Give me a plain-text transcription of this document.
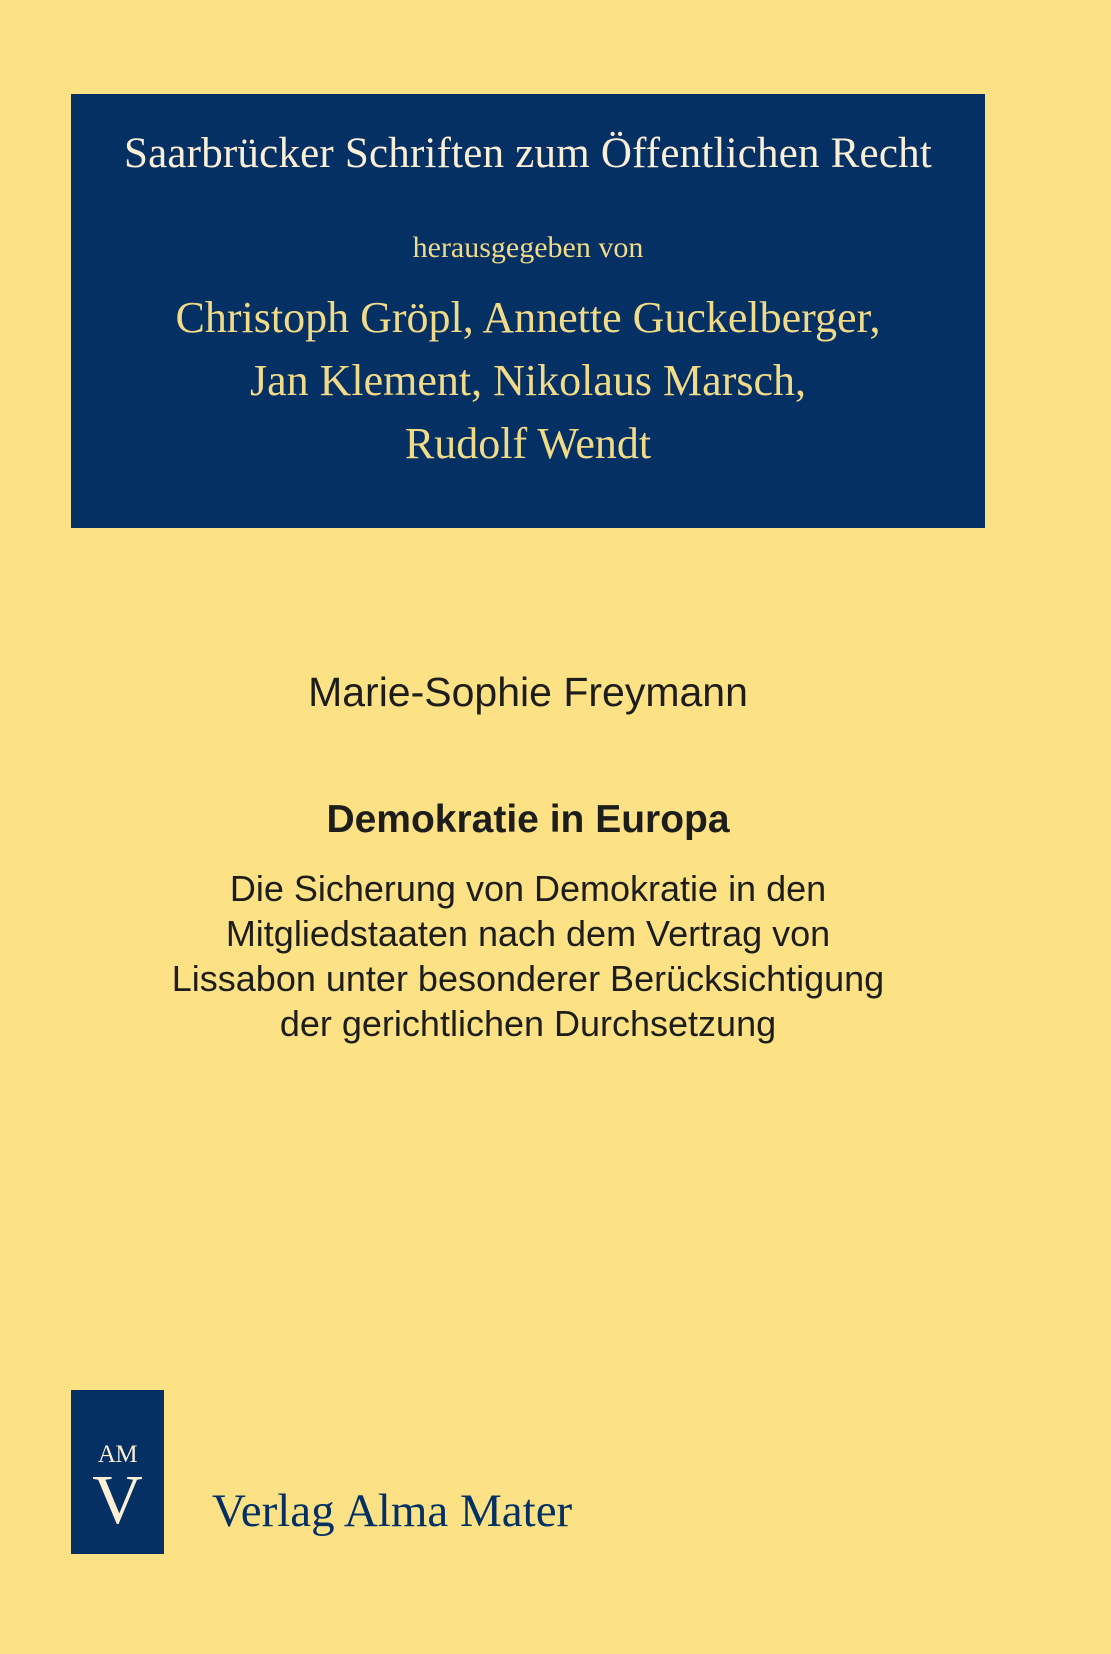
Saarbrücker Schriften zum Öffentlichen Recht
herausgegeben von
Christoph Gröpl, Annette Guckelberger,
Jan Klement, Nikolaus Marsch,
Rudolf Wendt
Marie-Sophie Freymann
Demokratie in Europa
Die Sicherung von Demokratie in den
Mitgliedstaaten nach dem Vertrag von
Lissabon unter besonderer Berücksichtigung
der gerichtlichen Durchsetzung
AM
V	Verlag Alma Mater
